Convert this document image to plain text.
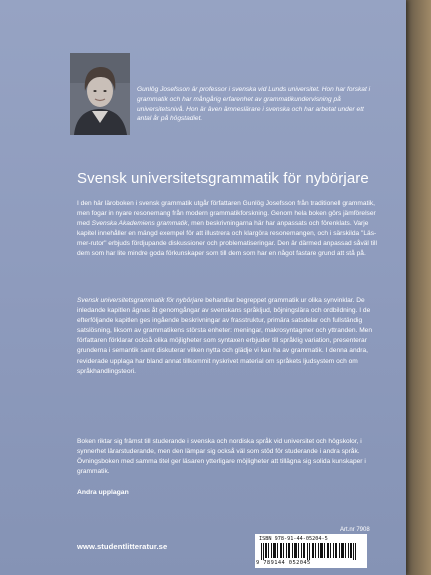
Gunlög Josefsson är professor i svenska vid Lunds universitet. Hon har forskat i grammatik och har mångårig erfarenhet av grammatikundervisning på universitetsnivå. Hon är även ämneslärare i svenska och har arbetat under ett antal år på högstadiet.

Svensk universitetsgrammatik för nybörjare

I den här läroboken i svensk grammatik utgår författaren Gunlög Josefsson från traditionell grammatik, men fogar in nyare resonemang från modern grammatikforskning. Genom hela boken görs jämförelser med Svenska Akademiens grammatik, men beskrivningarna här har anpassats och förenklats. Varje kapitel innehåller en mängd exempel för att illustrera och klargöra resonemangen, och i särskilda "Läs-mer-rutor" erbjuds fördjupande diskussioner och problematiseringar. Den är därmed anpassad såväl till dem som har lite mindre goda förkunskaper som till dem som har en något fastare grund att stå på.

Svensk universitetsgrammatik för nybörjare behandlar begreppet grammatik ur olika synvinklar. De inledande kapitlen ägnas åt genomgångar av svenskans språkljud, böjningslära och ordbildning. I de efterföljande kapitlen ges ingående beskrivningar av frasstruktur, primära satsdelar och fullständig satslösning, liksom av grammatikens största enheter: meningar, makrosyntagmer och yttranden. Men författaren förklarar också olika möjligheter som syntaxen erbjuder till språklig variation, presenterar grunderna i semantik samt diskuterar vilken nytta och glädje vi kan ha av grammatik. I denna andra, reviderade upplaga har bland annat tillkommit nyskrivet material om språkets ljudsystem och om språkhandlingsteori.

Boken riktar sig främst till studerande i svenska och nordiska språk vid universitet och högskolor, i synnerhet lärarstuderande, men den lämpar sig också väl som stöd för studerande i andra språk. Övningsboken med samma titel ger läsaren ytterligare möjligheter att tillägna sig solida kunskaper i grammatik.

Andra upplagan

Art.nr 7908

ISBN 978-91-44-05204-5

9 789144 052045

www.studentlitteratur.se
